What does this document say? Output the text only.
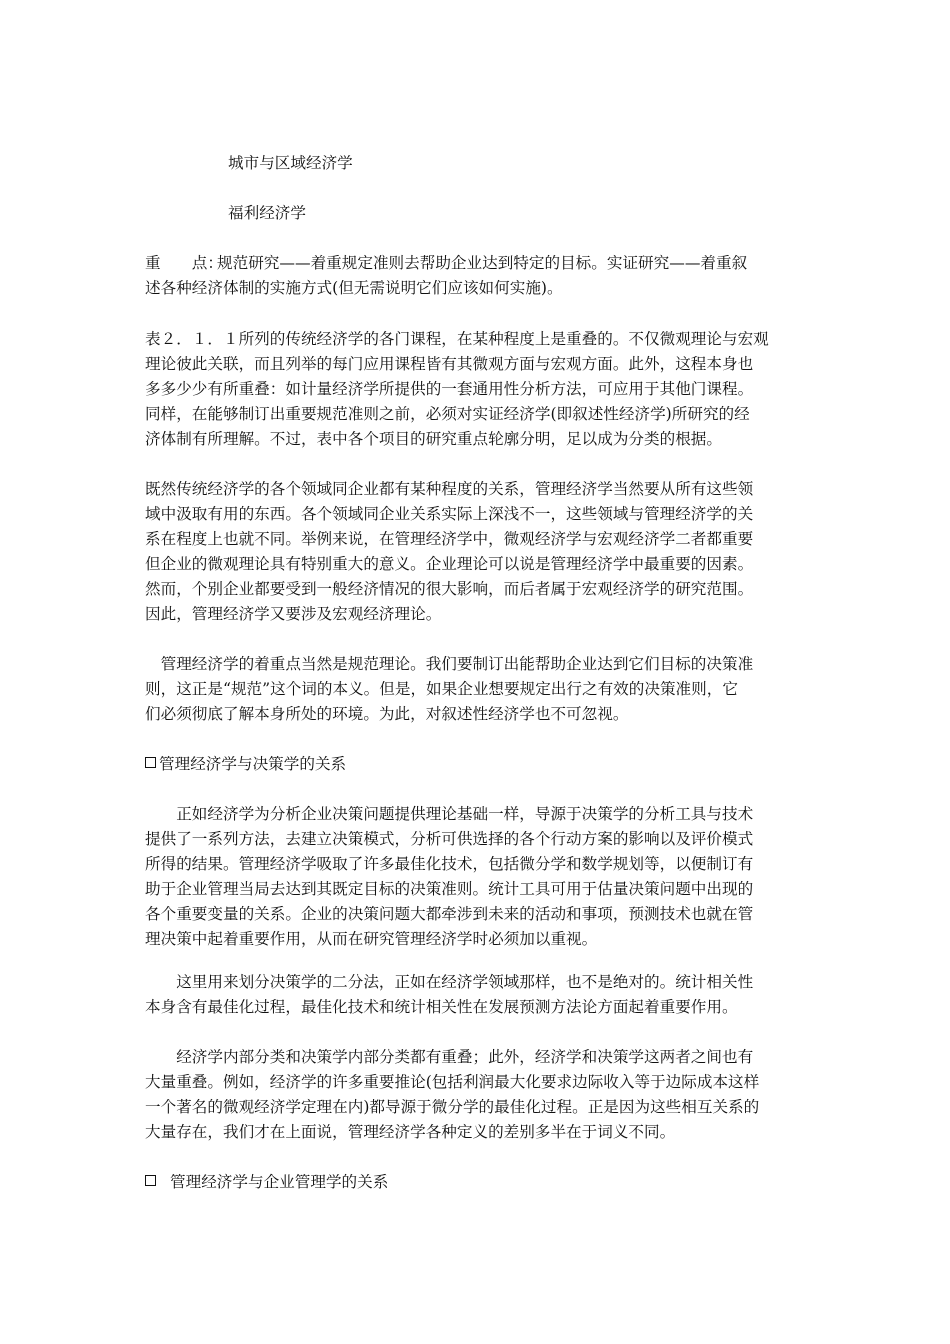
城市与区域经济学
福利经济学
重　　点：规范研究——着重规定准则去帮助企业达到特定的目标。实证研究——着重叙
述各种经济体制的实施方式(但无需说明它们应该如何实施)。
表２．１．１所列的传统经济学的各门课程，在某种程度上是重叠的。不仅微观理论与宏观
理论彼此关联，而且列举的每门应用课程皆有其微观方面与宏观方面。此外，这程本身也
多多少少有所重叠：如计量经济学所提供的一套通用性分析方法，可应用于其他门课程。
同样，在能够制订出重要规范准则之前，必须对实证经济学(即叙述性经济学)所研究的经
济体制有所理解。不过，表中各个项目的研究重点轮廓分明，足以成为分类的根据。
既然传统经济学的各个领域同企业都有某种程度的关系，管理经济学当然要从所有这些领
域中汲取有用的东西。各个领域同企业关系实际上深浅不一，这些领域与管理经济学的关
系在程度上也就不同。举例来说，在管理经济学中，微观经济学与宏观经济学二者都重要
但企业的微观理论具有特别重大的意义。企业理论可以说是管理经济学中最重要的因素。
然而，个别企业都要受到一般经济情况的很大影响，而后者属于宏观经济学的研究范围。
因此，管理经济学又要涉及宏观经济理论。
　管理经济学的着重点当然是规范理论。我们要制订出能帮助企业达到它们目标的决策准
则，这正是“规范”这个词的本义。但是，如果企业想要规定出行之有效的决策准则，它
们必须彻底了解本身所处的环境。为此，对叙述性经济学也不可忽视。
管理经济学与决策学的关系
　　正如经济学为分析企业决策问题提供理论基础一样，导源于决策学的分析工具与技术
提供了一系列方法，去建立决策模式，分析可供选择的各个行动方案的影响以及评价模式
所得的结果。管理经济学吸取了许多最佳化技术，包括微分学和数学规划等，以便制订有
助于企业管理当局去达到其既定目标的决策准则。统计工具可用于估量决策问题中出现的
各个重要变量的关系。企业的决策问题大都牵涉到未来的活动和事项，预测技术也就在管
理决策中起着重要作用，从而在研究管理经济学时必须加以重视。
　　这里用来划分决策学的二分法，正如在经济学领域那样，也不是绝对的。统计相关性
本身含有最佳化过程，最佳化技术和统计相关性在发展预测方法论方面起着重要作用。
　　经济学内部分类和决策学内部分类都有重叠；此外，经济学和决策学这两者之间也有
大量重叠。例如，经济学的许多重要推论(包括利润最大化要求边际收入等于边际成本这样
一个著名的微观经济学定理在内)都导源于微分学的最佳化过程。正是因为这些相互关系的
大量存在，我们才在上面说，管理经济学各种定义的差别多半在于词义不同。
管理经济学与企业管理学的关系
